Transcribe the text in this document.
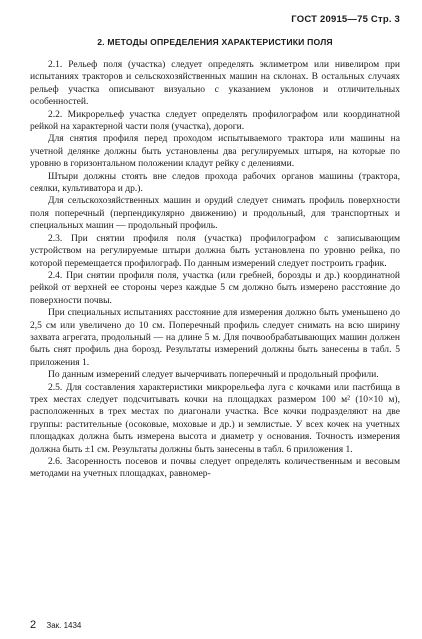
ГОСТ 20915—75 Стр. 3
2. МЕТОДЫ ОПРЕДЕЛЕНИЯ ХАРАКТЕРИСТИКИ ПОЛЯ

2.1. Рельеф поля (участка) следует определять эклиметром или нивелиром при испытаниях тракторов и сельскохозяйственных машин на склонах. В остальных случаях рельеф участка описывают визуально с указанием уклонов и отличительных особенностей.

2.2. Микрорельеф участка следует определять профилографом или координатной рейкой на характерной части поля (участка), дороги.

Для снятия профиля перед проходом испытываемого трактора или машины на учетной делянке должны быть установлены два регулируемых штыря, на которые по уровню в горизонтальном положении кладут рейку с делениями.

Штыри должны стоять вне следов прохода рабочих органов машины (трактора, сеялки, культиватора и др.).

Для сельскохозяйственных машин и орудий следует снимать профиль поверхности поля поперечный (перпендикулярно движению) и продольный, для транспортных и специальных машин — продольный профиль.

2.3. При снятии профиля поля (участка) профилографом с записывающим устройством на регулируемые штыри должна быть установлена по уровню рейка, по которой перемещается профилограф. По данным измерений следует построить график.

2.4. При снятии профиля поля, участка (или гребней, борозды и др.) координатной рейкой от верхней ее стороны через каждые 5 см должно быть измерено расстояние до поверхности почвы.

При специальных испытаниях расстояние для измерения должно быть уменьшено до 2,5 см или увеличено до 10 см. Поперечный профиль следует снимать на всю ширину захвата агрегата, продольный — на длине 5 м. Для почвообрабатывающих машин должен быть снят профиль дна борозд. Результаты измерений должны быть занесены в табл. 5 приложения 1.

По данным измерений следует вычерчивать поперечный и продольный профили.

2.5. Для составления характеристики микрорельефа луга с кочками или пастбища в трех местах следует подсчитывать кочки на площадках размером 100 м² (10×10 м), расположенных в трех местах по диагонали участка. Все кочки подразделяют на две группы: растительные (осоковые, моховые и др.) и землистые. У всех кочек на учетных площадках должна быть измерена высота и диаметр у основания. Точность измерения должна быть ±1 см. Результаты должны быть занесены в табл. 6 приложения 1.

2.6. Засоренность посевов и почвы следует определять количественным и весовым методами на учетных площадках, равномер-

2 Зак. 1434
